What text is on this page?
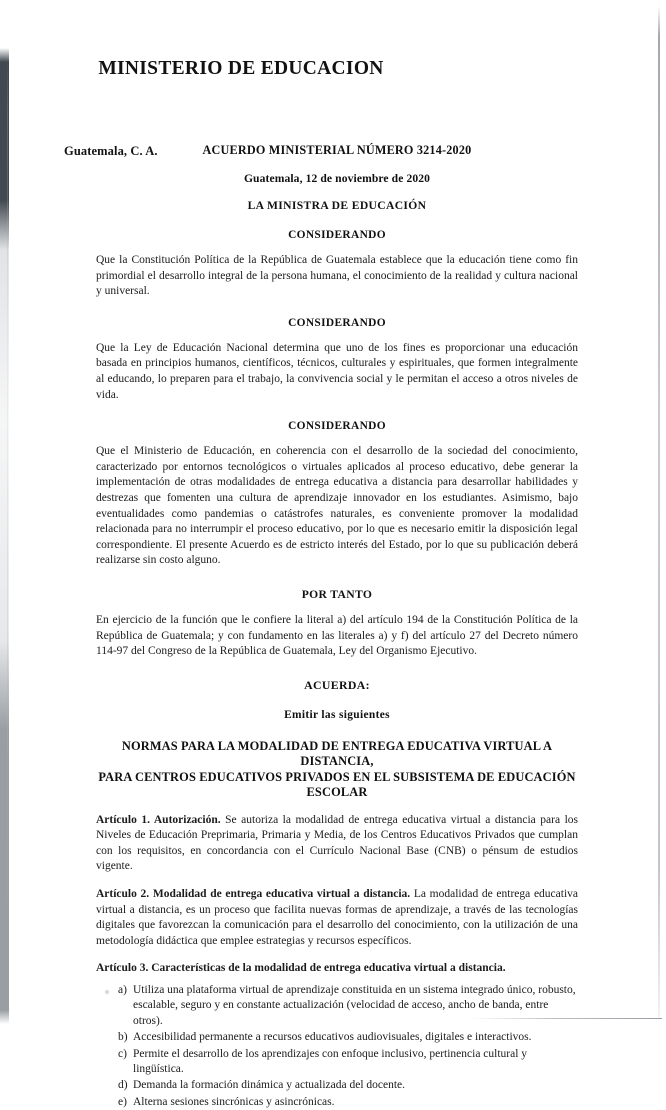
MINISTERIO DE EDUCACION
Guatemala, C. A.	ACUERDO MINISTERIAL NÚMERO 3214-2020
Guatemala, 12 de noviembre de 2020
LA MINISTRA DE EDUCACIÓN
CONSIDERANDO

Que la Constitución Política de la República de Guatemala establece que la educación tiene como fin primordial el desarrollo integral de la persona humana, el conocimiento de la realidad y cultura nacional y universal.

CONSIDERANDO

Que la Ley de Educación Nacional determina que uno de los fines es proporcionar una educación basada en principios humanos, científicos, técnicos, culturales y espirituales, que formen integralmente al educando, lo preparen para el trabajo, la convivencia social y le permitan el acceso a otros niveles de vida.

CONSIDERANDO

Que el Ministerio de Educación, en coherencia con el desarrollo de la sociedad del conocimiento, caracterizado por entornos tecnológicos o virtuales aplicados al proceso educativo, debe generar la implementación de otras modalidades de entrega educativa a distancia para desarrollar habilidades y destrezas que fomenten una cultura de aprendizaje innovador en los estudiantes. Asimismo, bajo eventualidades como pandemias o catástrofes naturales, es conveniente promover la modalidad relacionada para no interrumpir el proceso educativo, por lo que es necesario emitir la disposición legal correspondiente. El presente Acuerdo es de estricto interés del Estado, por lo que su publicación deberá realizarse sin costo alguno.

POR TANTO

En ejercicio de la función que le confiere la literal a) del artículo 194 de la Constitución Política de la República de Guatemala; y con fundamento en las literales a) y f) del artículo 27 del Decreto número 114-97 del Congreso de la República de Guatemala, Ley del Organismo Ejecutivo.

ACUERDA:
Emitir las siguientes
NORMAS PARA LA MODALIDAD DE ENTREGA EDUCATIVA VIRTUAL A DISTANCIA,
PARA CENTROS EDUCATIVOS PRIVADOS EN EL SUBSISTEMA DE EDUCACIÓN
ESCOLAR

Artículo 1. Autorización. Se autoriza la modalidad de entrega educativa virtual a distancia para los Niveles de Educación Preprimaria, Primaria y Media, de los Centros Educativos Privados que cumplan con los requisitos, en concordancia con el Currículo Nacional Base (CNB) o pénsum de estudios vigente.

Artículo 2. Modalidad de entrega educativa virtual a distancia. La modalidad de entrega educativa virtual a distancia, es un proceso que facilita nuevas formas de aprendizaje, a través de las tecnologías digitales que favorezcan la comunicación para el desarrollo del conocimiento, con la utilización de una metodología didáctica que emplee estrategias y recursos específicos.

Artículo 3. Características de la modalidad de entrega educativa virtual a distancia.

a) Utiliza una plataforma virtual de aprendizaje constituida en un sistema integrado único, robusto, escalable, seguro y en constante actualización (velocidad de acceso, ancho de banda, entre otros).
b) Accesibilidad permanente a recursos educativos audiovisuales, digitales e interactivos.
c) Permite el desarrollo de los aprendizajes con enfoque inclusivo, pertinencia cultural y lingüística.
d) Demanda la formación dinámica y actualizada del docente.
e) Alterna sesiones sincrónicas y asincrónicas.
